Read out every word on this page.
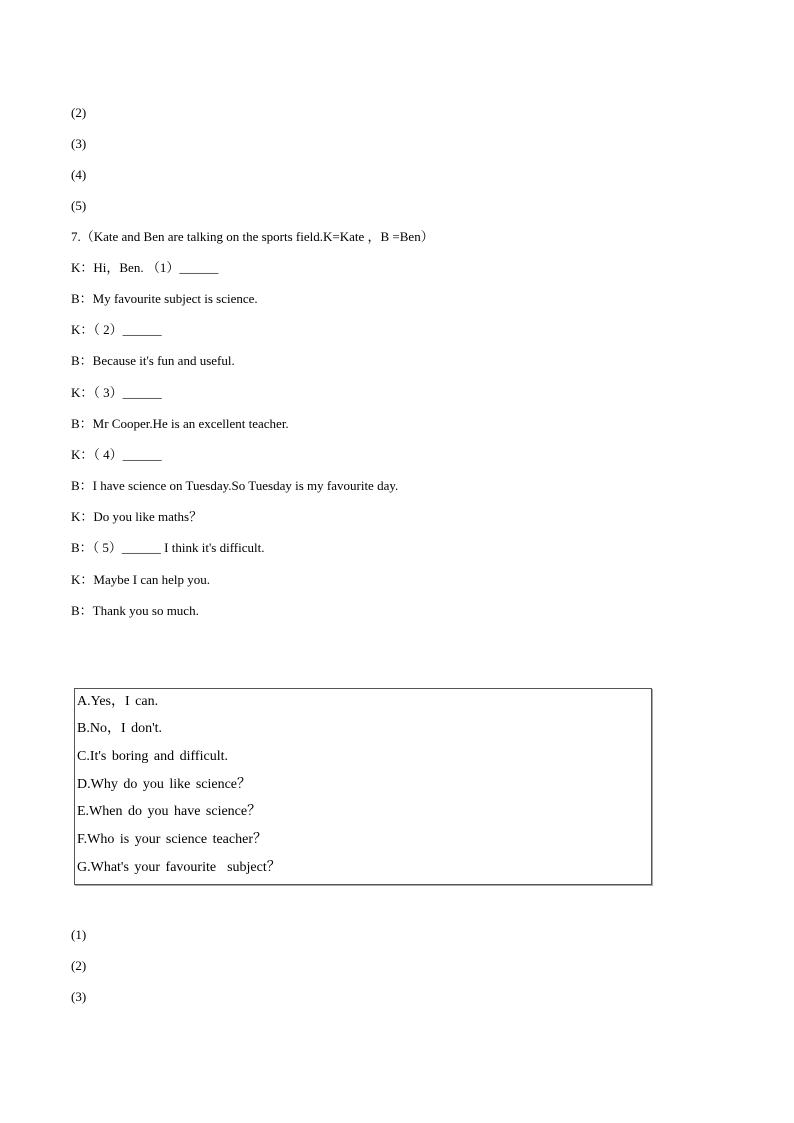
(2)
(3)
(4)
(5)
7.（Kate and Ben are talking on the sports field.K=Kate ，B =Ben）
K：Hi，Ben. （1）______
B：My favourite subject is science.
K：（ 2）______
B：Because it's fun and useful.
K：（ 3）______
B：Mr Cooper.He is an excellent teacher.
K：（ 4）______
B：I have science on Tuesday.So Tuesday is my favourite day.
K：Do you like maths？
B：（ 5）______ I think it's difficult.
K：Maybe I can help you.
B：Thank you so much.
A.Yes，I can.
B.No，I don't.
C.It's boring and difficult.
D.Why do you like science？
E.When do you have science？
F.Who is your science teacher？
G.What's your favourite  subject？
(1)
(2)
(3)
